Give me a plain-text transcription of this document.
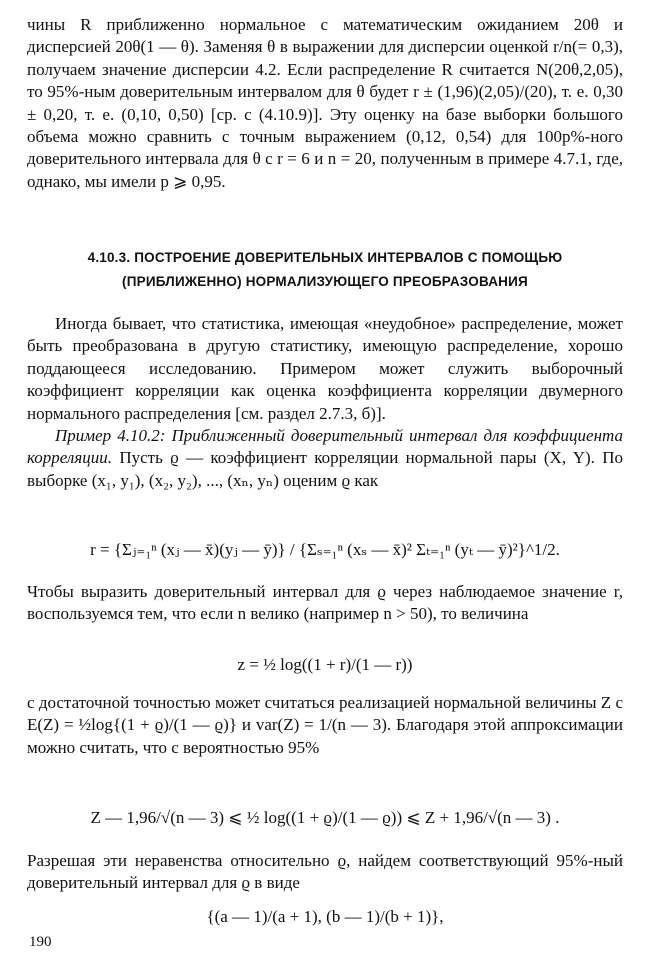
чины R приближенно нормальное с математическим ожиданием 20θ и дисперсией 20θ(1 — θ). Заменяя θ в выражении для дисперсии оценкой r/n(= 0,3), получаем значение дисперсии 4.2. Если распределение R считается N(20θ,2,05), то 95%-ным доверительным интервалом для θ будет r ± (1,96)(2,05)/(20), т. е. 0,30 ± 0,20, т. е. (0,10, 0,50) [ср. с (4.10.9)]. Эту оценку на базе выборки большого объема можно сравнить с точным выражением (0,12, 0,54) для 100p%-ного доверительного интервала для θ с r = 6 и n = 20, полученным в примере 4.7.1, где, однако, мы имели p ⩾ 0,95.

4.10.3. ПОСТРОЕНИЕ ДОВЕРИТЕЛЬНЫХ ИНТЕРВАЛОВ С ПОМОЩЬЮ
(ПРИБЛИЖЕННО) НОРМАЛИЗУЮЩЕГО ПРЕОБРАЗОВАНИЯ

Иногда бывает, что статистика, имеющая «неудобное» распределение, может быть преобразована в другую статистику, имеющую распределение, хорошо поддающееся исследованию. Примером может служить выборочный коэффициент корреляции как оценка коэффициента корреляции двумерного нормального распределения [см. раздел 2.7.3, б)].

Пример 4.10.2: Приближенный доверительный интервал для коэффициента корреляции. Пусть ϱ — коэффициент корреляции нормальной пары (X, Y). По выборке (x₁, y₁), (x₂, y₂), ..., (xₙ, yₙ) оценим ϱ как

r = {Σⱼ₌₁ⁿ (xⱼ — x̄)(yⱼ — ȳ)} / {Σₛ₌₁ⁿ (xₛ — x̄)² Σₜ₌₁ⁿ (yₜ — ȳ)²}^1/2.

Чтобы выразить доверительный интервал для ϱ через наблюдаемое значение r, воспользуемся тем, что если n велико (например n > 50), то величина

z = ½ log((1 + r)/(1 — r))

с достаточной точностью может считаться реализацией нормальной величины Z с E(Z) = ½log{(1 + ϱ)/(1 — ϱ)} и var(Z) = 1/(n — 3). Благодаря этой аппроксимации можно считать, что с вероятностью 95%

Z — 1,96/√(n — 3) ⩽ ½ log((1 + ϱ)/(1 — ϱ)) ⩽ Z + 1,96/√(n — 3) .

Разрешая эти неравенства относительно ϱ, найдем соответствующий 95%-ный доверительный интервал для ϱ в виде

{(a — 1)/(a + 1), (b — 1)/(b + 1)},
190
